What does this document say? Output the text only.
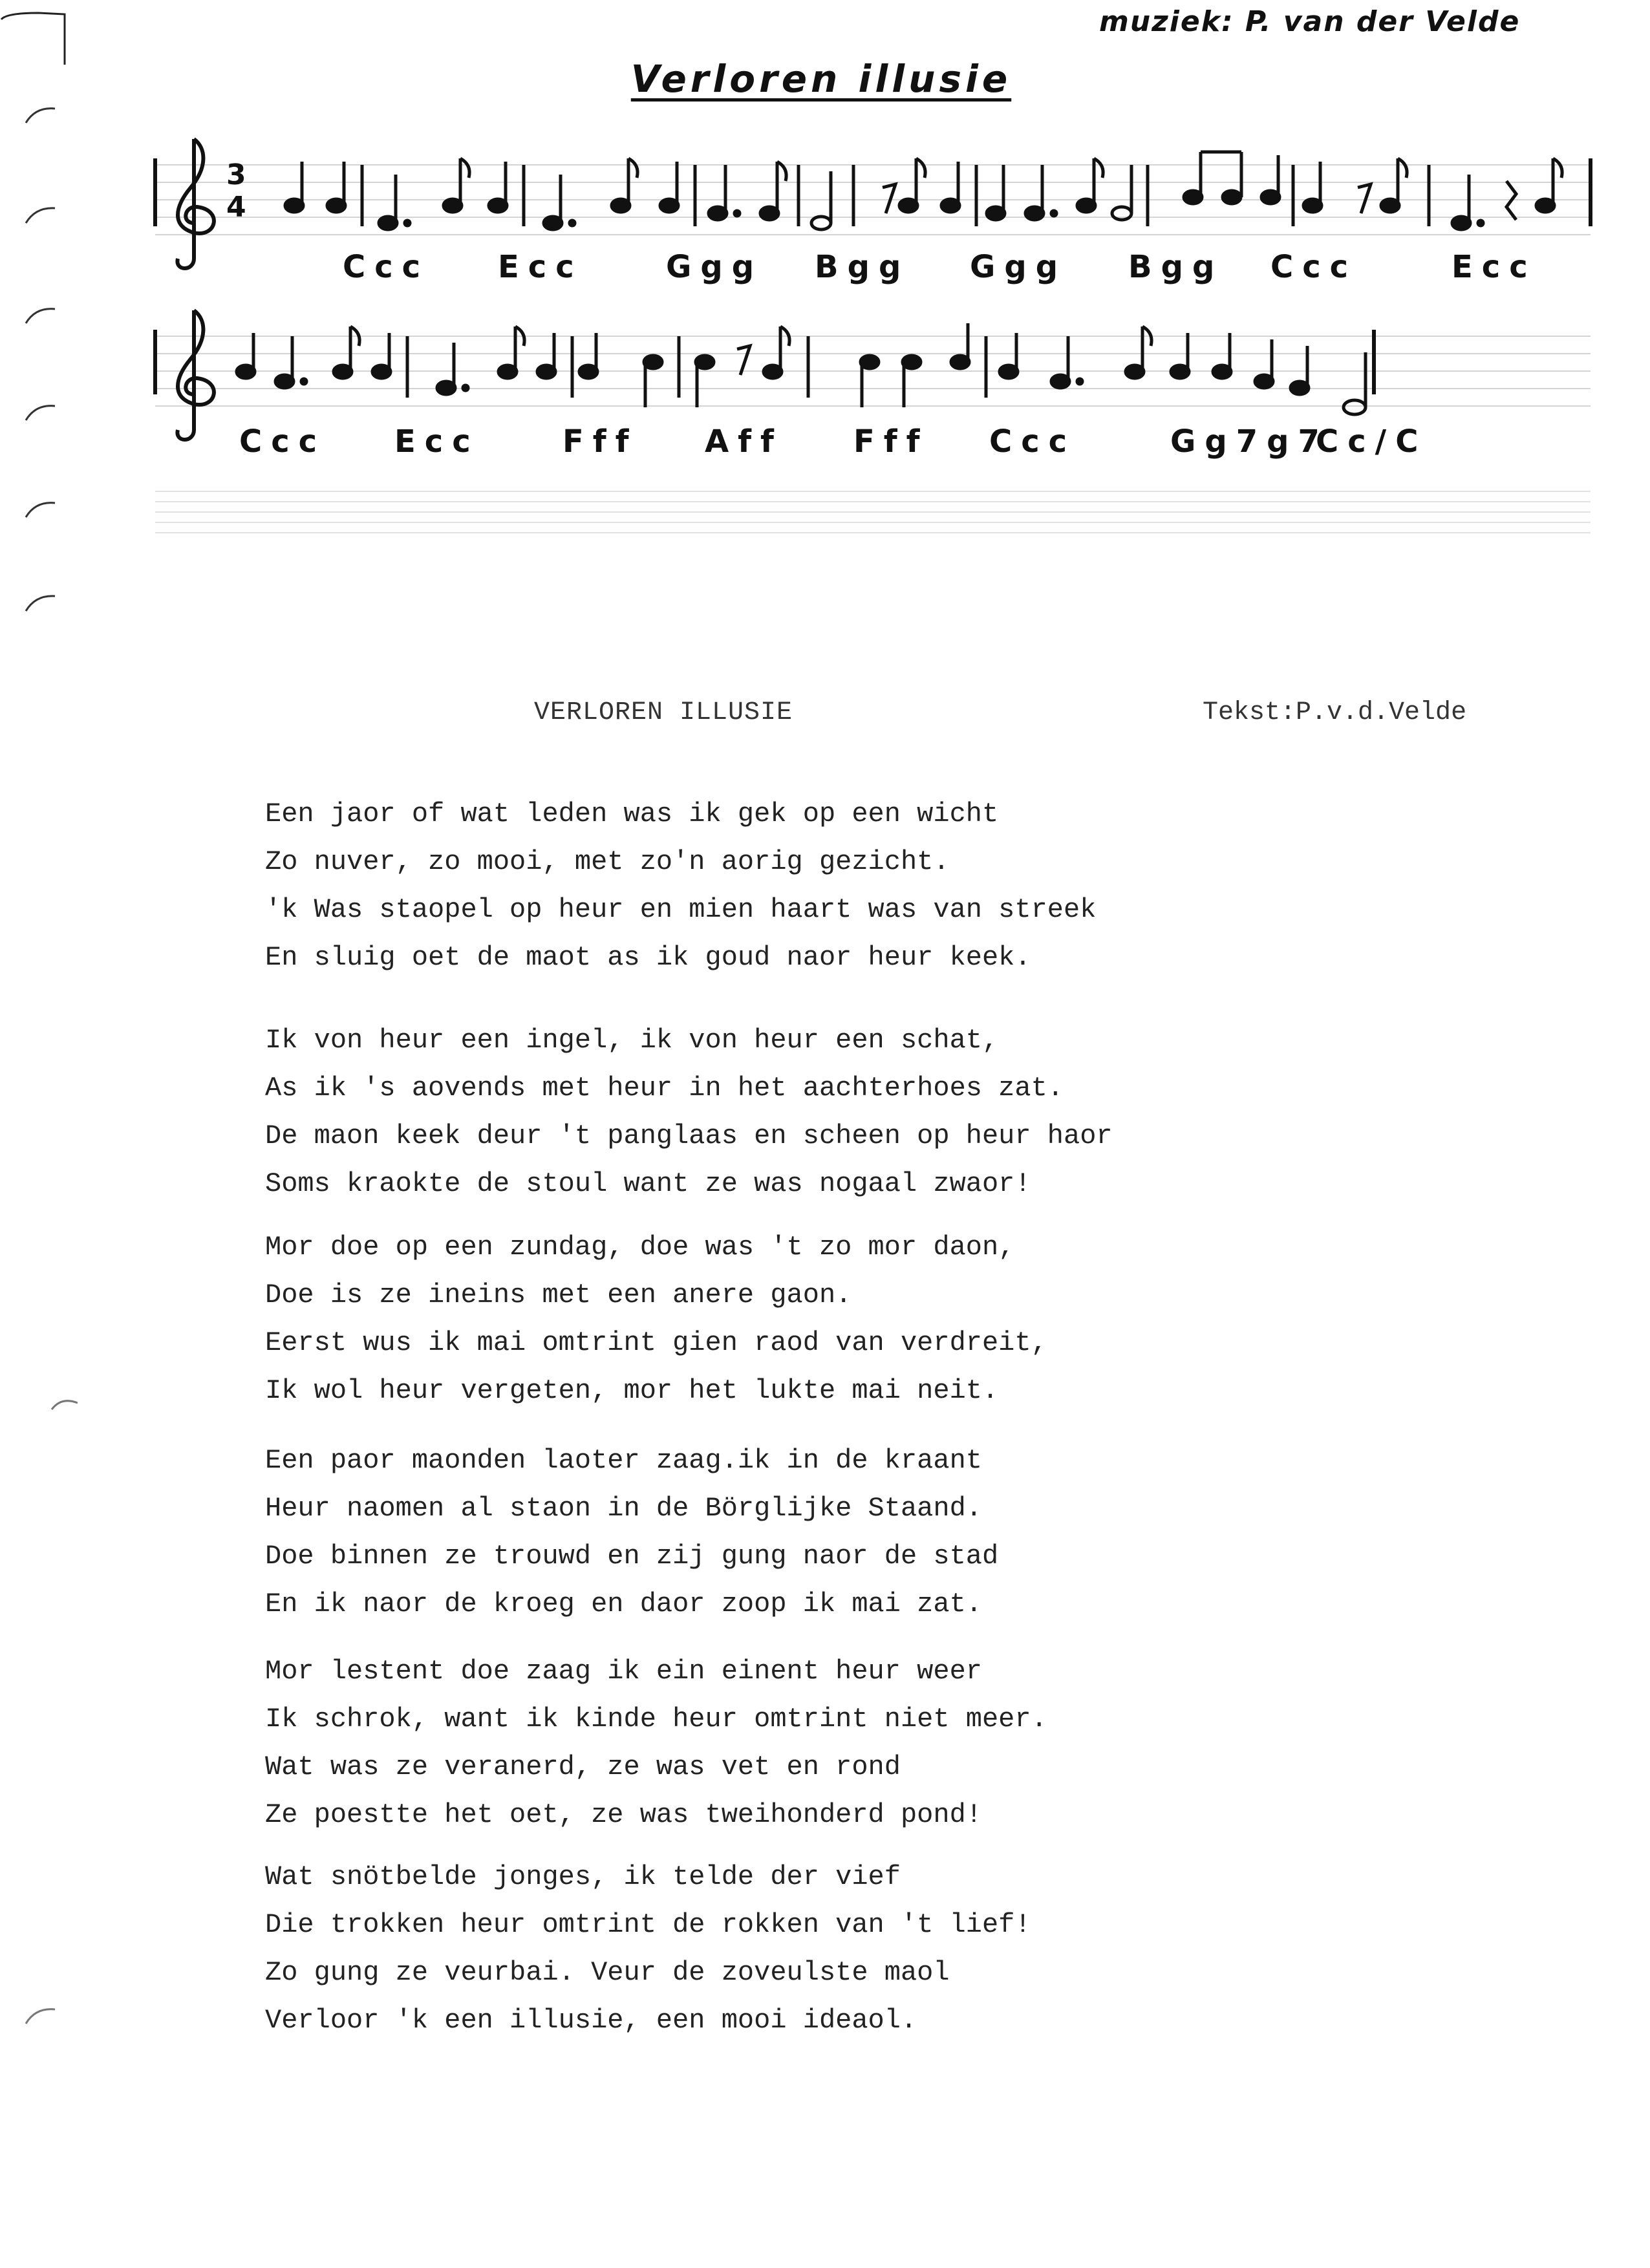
muziek: P. van der Velde
Verloren illusie
3
4
Ccc Ecc	Ggg Bgg Ggg Bgg Ccc	Ecc
Ccc Ecc	Fff Aff Fff Ccc	Gg7g7
Cc/C
VERLOREN ILLUSIE	Tekst:P.v.d.Velde
Een jaor of wat leden was ik gek op een wicht
Zo nuver, zo mooi, met zo'n aorig gezicht.
'k Was staopel op heur en mien haart was van streek
En sluig oet de maot as ik goud naor heur keek.
Ik von heur een ingel, ik von heur een schat,
As ik 's aovends met heur in het aachterhoes zat.
De maon keek deur 't panglaas en scheen op heur haor
Soms kraokte de stoul want ze was nogaal zwaor!
Mor doe op een zundag, doe was 't zo mor daon,
Doe is ze ineins met een anere gaon.
Eerst wus ik mai omtrint gien raod van verdreit,
Ik wol heur vergeten, mor het lukte mai neit.
Een paor maonden laoter zaag.ik in de kraant
Heur naomen al staon in de Börglijke Staand.
Doe binnen ze trouwd en zij gung naor de stad
En ik naor de kroeg en daor zoop ik mai zat.
Mor lestent doe zaag ik ein einent heur weer
Ik schrok, want ik kinde heur omtrint niet meer.
Wat was ze veranerd, ze was vet en rond
Ze poestte het oet, ze was tweihonderd pond!
Wat snötbelde jonges, ik telde der vief
Die trokken heur omtrint de rokken van 't lief!
Zo gung ze veurbai. Veur de zoveulste maol
Verloor 'k een illusie, een mooi ideaol.
